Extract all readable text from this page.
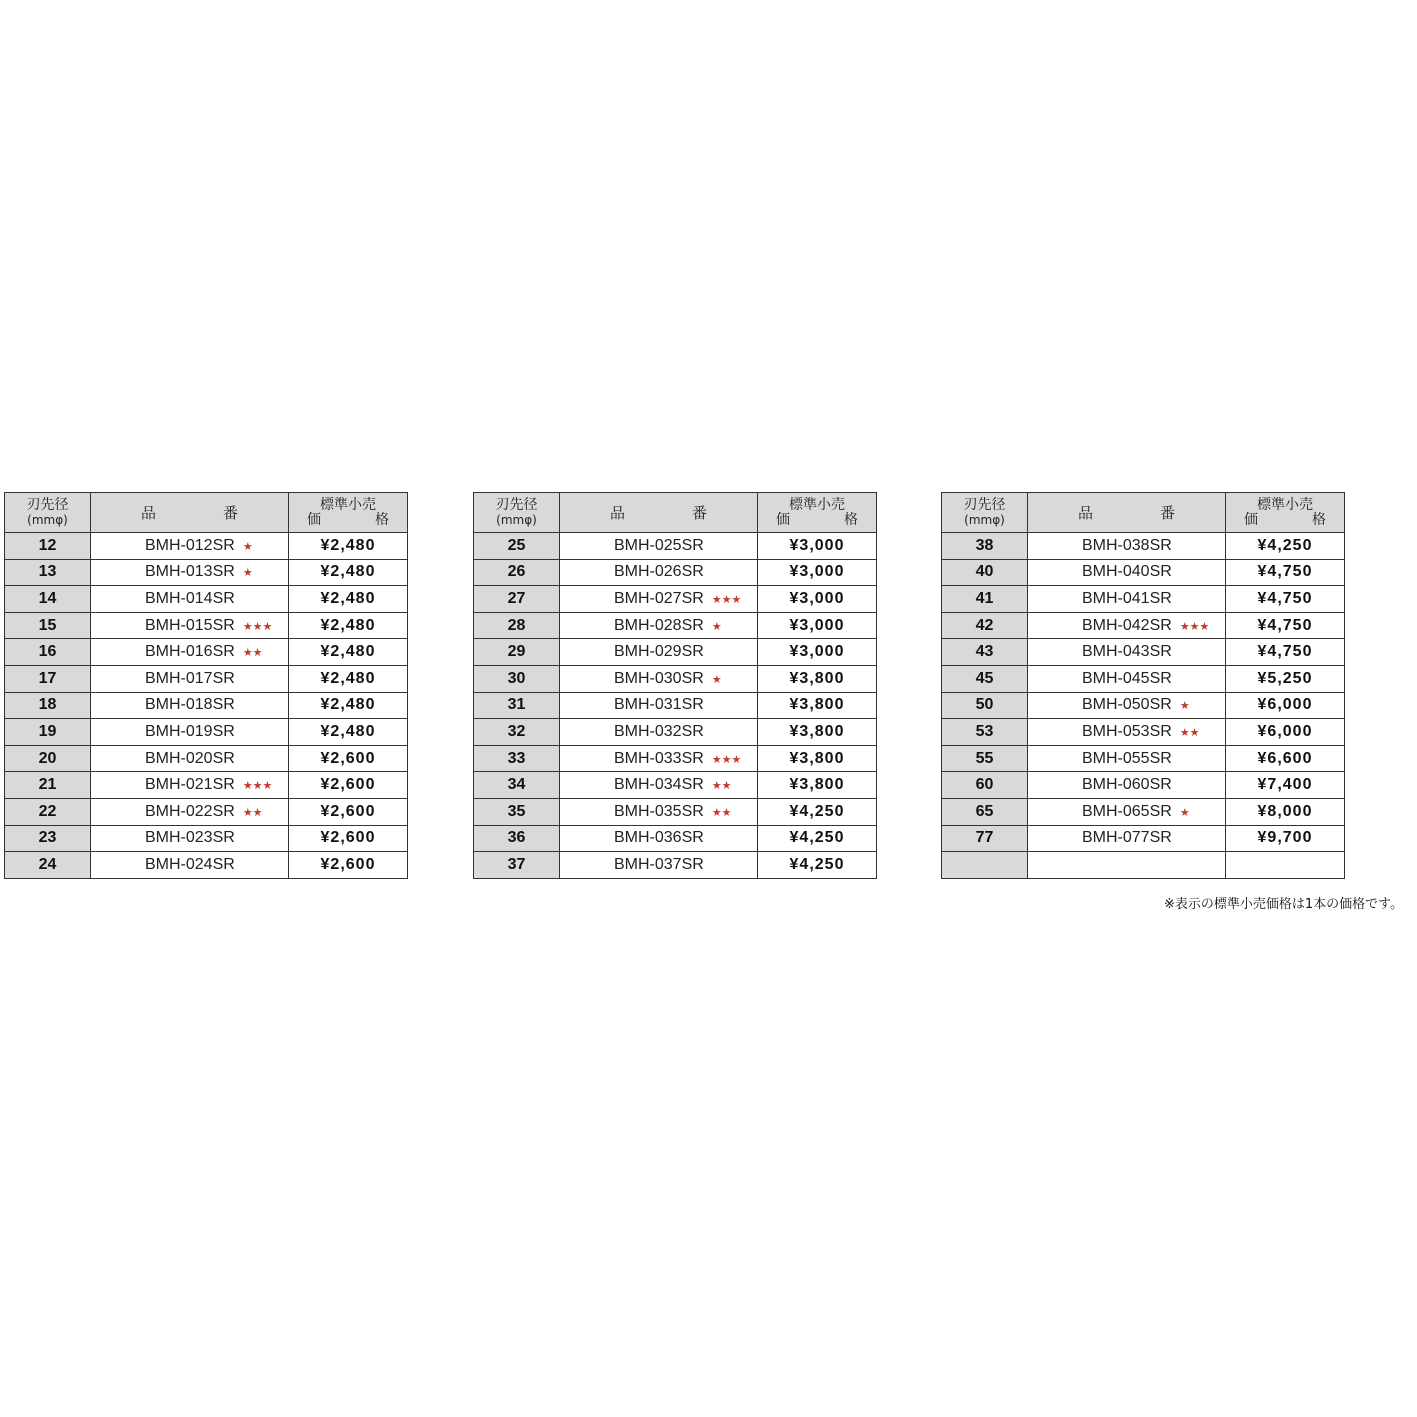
刃先径
(mmφ)	品　番	標準小売
価　格

12	BMH-012SR ★	¥2,480
13	BMH-013SR ★	¥2,480
14	BMH-014SR	¥2,480
15	BMH-015SR ★★★	¥2,480
16	BMH-016SR ★★	¥2,480
17	BMH-017SR	¥2,480
18	BMH-018SR	¥2,480
19	BMH-019SR	¥2,480
20	BMH-020SR	¥2,600
21	BMH-021SR ★★★	¥2,600
22	BMH-022SR ★★	¥2,600
23	BMH-023SR	¥2,600
24	BMH-024SR	¥2,600
刃先径
(mmφ)	品　番	標準小売
価　格

25	BMH-025SR	¥3,000
26	BMH-026SR	¥3,000
27	BMH-027SR ★★★	¥3,000
28	BMH-028SR ★	¥3,000
29	BMH-029SR	¥3,000
30	BMH-030SR ★	¥3,800
31	BMH-031SR	¥3,800
32	BMH-032SR	¥3,800
33	BMH-033SR ★★★	¥3,800
34	BMH-034SR ★★	¥3,800
35	BMH-035SR ★★	¥4,250
36	BMH-036SR	¥4,250
37	BMH-037SR	¥4,250
刃先径
(mmφ)	品　番	標準小売
価　格

38	BMH-038SR	¥4,250
40	BMH-040SR	¥4,750
41	BMH-041SR	¥4,750
42	BMH-042SR ★★★	¥4,750
43	BMH-043SR	¥4,750
45	BMH-045SR	¥5,250
50	BMH-050SR ★	¥6,000
53	BMH-053SR ★★	¥6,000
55	BMH-055SR	¥6,600
60	BMH-060SR	¥7,400
65	BMH-065SR ★	¥8,000
77	BMH-077SR	¥9,700

※表示の標準小売価格は1本の価格です。
